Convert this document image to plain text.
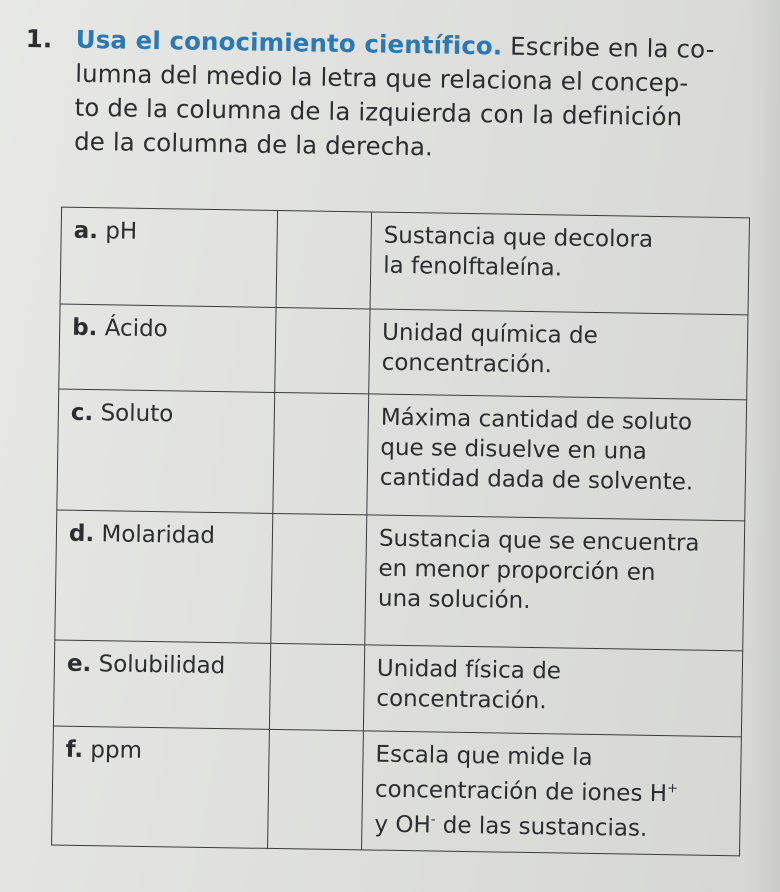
1. Usa el conocimiento científico. Escribe en la co-
lumna del medio la letra que relaciona el concep-
to de la columna de la izquierda con la definición
de la columna de la derecha.
a. pH		Sustancia que decolora
la fenolftaleína.

b. Ácido		Unidad química de
concentración.

c. Soluto		Máxima cantidad de soluto
que se disuelve en una
cantidad dada de solvente.

d. Molaridad		Sustancia que se encuentra
en menor proporción en
una solución.

e. Solubilidad		Unidad física de
concentración.

f. ppm		Escala que mide la
concentración de iones H+
y OH- de las sustancias.
